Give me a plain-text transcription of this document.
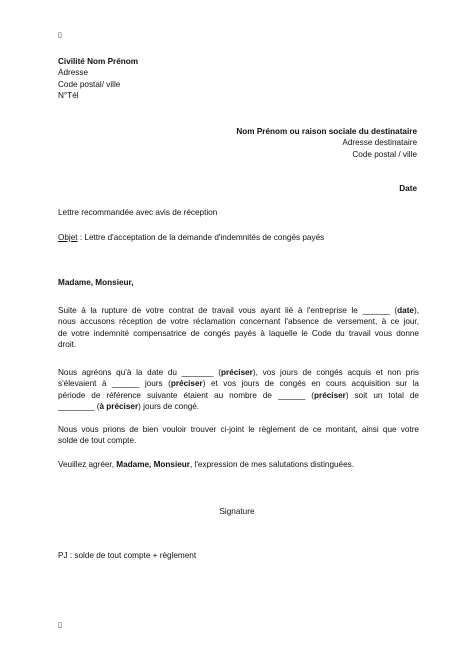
▯
Civilité Nom Prénom
Adresse
Code postal/ ville
N°Tél
Nom Prénom ou raison sociale du destinataire
Adresse destinataire
Code postal / ville
Date
Lettre recommandée avec avis de réception
Objet : Lettre d'acceptation de la demande d'indemnités de congés payés
Madame, Monsieur,
Suite à la rupture de votre contrat de travail vous ayant lié à l'entreprise le ______ (date),
nous accusons réception de votre réclamation concernant l'absence de versement, à ce jour,
de votre indemnité compensatrice de congés payés à laquelle le Code du travail vous donne
droit.
Nous agréons qu'à la date du _______ (préciser), vos jours de congés acquis et non pris
s'élevaient à ______ jours (préciser) et vos jours de congés en cours acquisition sur la
période de référence suivante étaient au nombre de ______ (préciser) soit un total de
________ (à préciser) jours de congé.
Nous vous prions de bien vouloir trouver ci-joint le règlement de ce montant, ainsi que votre
solde de tout compte.
Veuillez agréer, Madame, Monsieur, l'expression de mes salutations distinguées.
Signature
PJ : solde de tout compte + règlement
▯
